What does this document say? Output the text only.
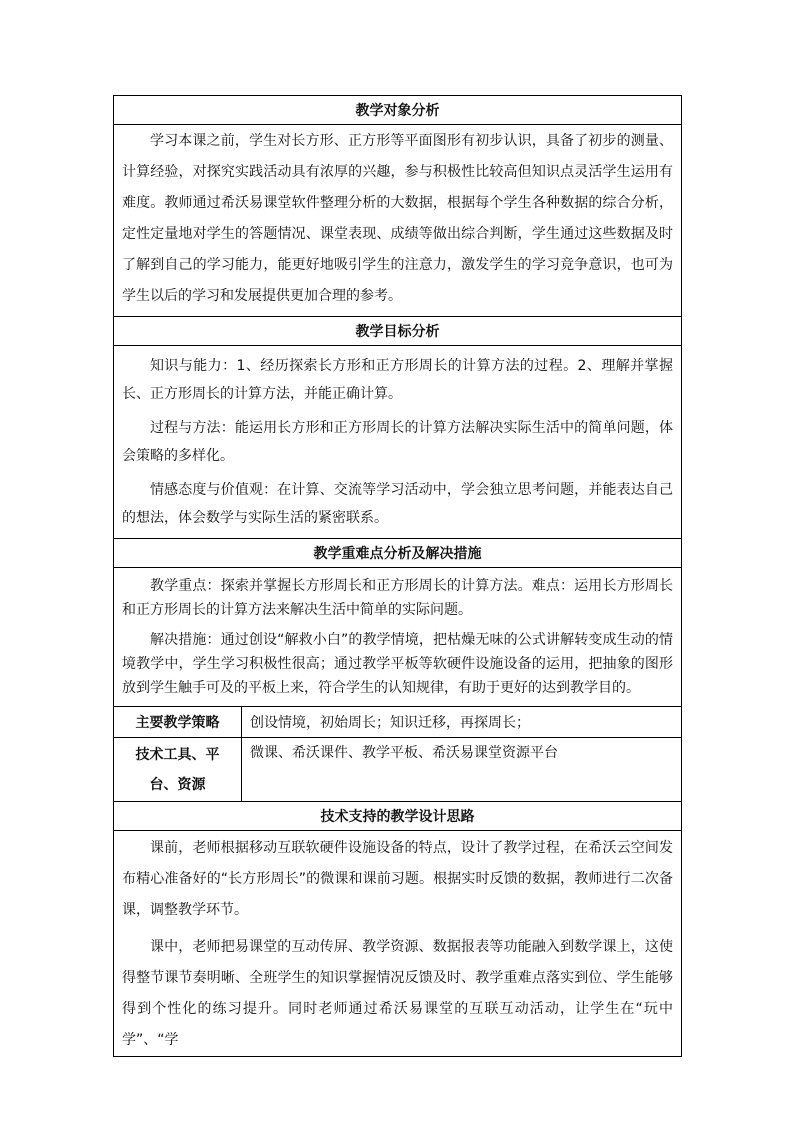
教学对象分析	

学习本课之前，学生对长方形、正方形等平面图形有初步认识，具备了初步的测量、计算经验，对探究实践活动具有浓厚的兴趣，参与积极性比较高但知识点灵活学生运用有难度。教师通过希沃易课堂软件整理分析的大数据，根据每个学生各种数据的综合分析，定性定量地对学生的答题情况、课堂表现、成绩等做出综合判断，学生通过这些数据及时了解到自己的学习能力，能更好地吸引学生的注意力，激发学生的学习竞争意识，也可为学生以后的学习和发展提供更加合理的参考。	

教学目标分析	

知识与能力：1、经历探索长方形和正方形周长的计算方法的过程。2、理解并掌握长、正方形周长的计算方法，并能正确计算。

过程与方法：能运用长方形和正方形周长的计算方法解决实际生活中的简单问题，体会策略的多样化。

情感态度与价值观：在计算、交流等学习活动中，学会独立思考问题，并能表达自己的想法，体会数学与实际生活的紧密联系。	

教学重难点分析及解决措施	

教学重点：探索并掌握长方形周长和正方形周长的计算方法。难点：运用长方形周长和正方形周长的计算方法来解决生活中简单的实际问题。

解决措施：通过创设“解救小白”的教学情境，把枯燥无味的公式讲解转变成生动的情境教学中，学生学习积极性很高；通过教学平板等软硬件设施设备的运用，把抽象的图形放到学生触手可及的平板上来，符合学生的认知规律，有助于更好的达到教学目的。	

主要教学策略	创设情境，初始周长；知识迁移，再探周长；
技术工具、平台、资源	微课、希沃课件、教学平板、希沃易课堂资源平台
技术支持的教学设计思路	

课前，老师根据移动互联软硬件设施设备的特点，设计了教学过程，在希沃云空间发布精心准备好的“长方形周长”的微课和课前习题。根据实时反馈的数据，教师进行二次备课，调整教学环节。

课中，老师把易课堂的互动传屏、教学资源、数据报表等功能融入到数学课上，这使得整节课节奏明晰、全班学生的知识掌握情况反馈及时、教学重难点落实到位、学生能够得到个性化的练习提升。同时老师通过希沃易课堂的互联互动活动，让学生在“玩中学”、“学	
